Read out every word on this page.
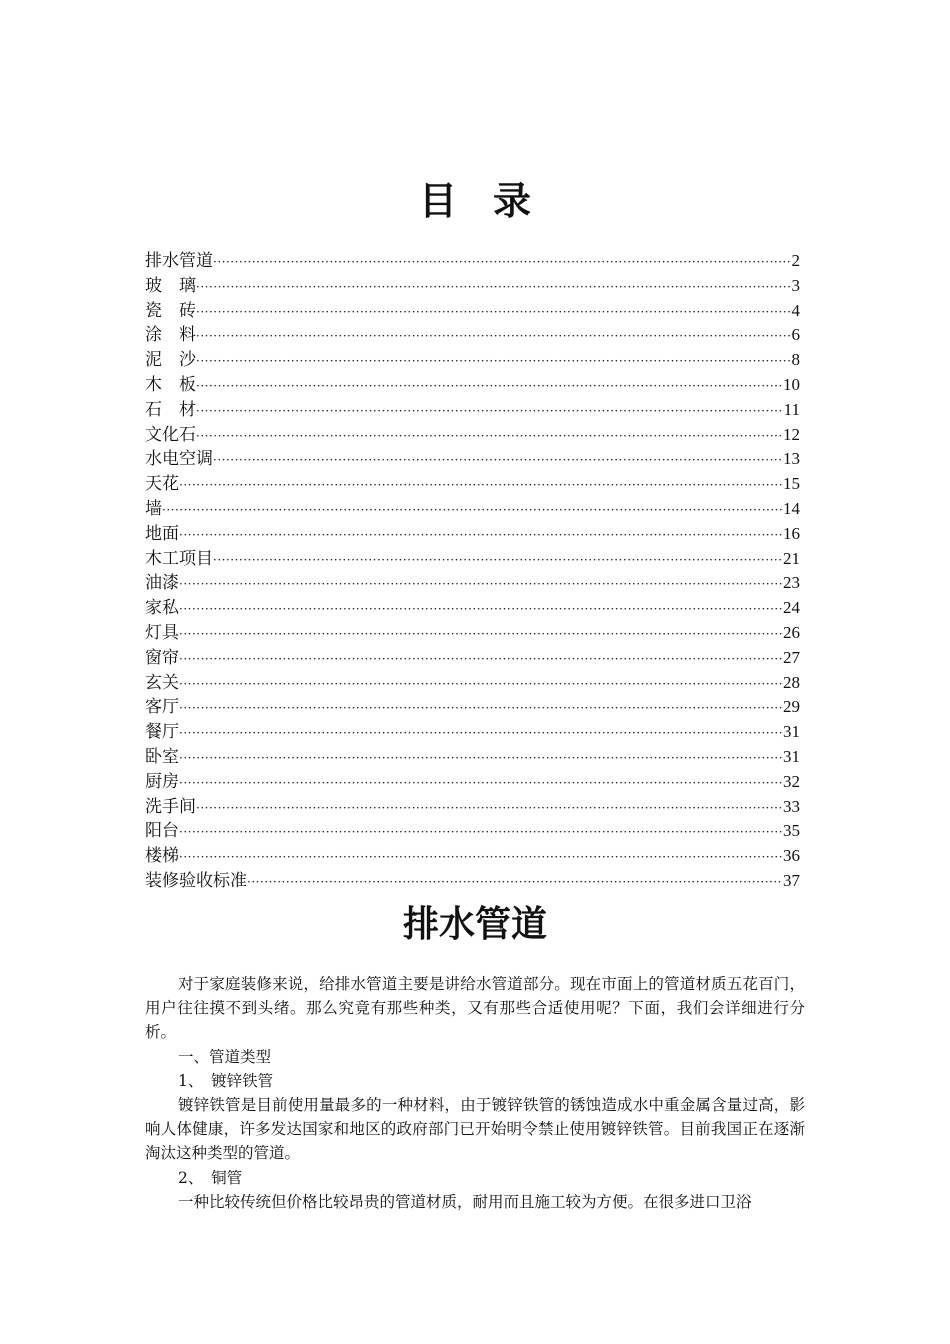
目 录
排水管道 ·····	2
玻　璃 ·····	3
瓷　砖 ·····	4
涂　料 ·····	6
泥　沙 ·····	8
木　板 ·····	10
石　材 ·····	11
文化石 ·····	12
水电空调 ·····	13
天花 ·····	15
墙 ·····	14
地面 ·····	16
木工项目 ·····	21
油漆 ·····	23
家私 ·····	24
灯具 ·····	26
窗帘 ·····	27
玄关 ·····	28
客厅 ·····	29
餐厅 ·····	31
卧室 ·····	31
厨房 ·····	32
洗手间 ·····	33
阳台 ·····	35
楼梯 ·····	36
装修验收标准 ·····	37
排水管道

对于家庭装修来说，给排水管道主要是讲给水管道部分。现在市面上的管道材质五花百门，用户往往摸不到头绪。那么究竟有那些种类，又有那些合适使用呢？下面，我们会详细进行分析。

一、管道类型

1、　镀锌铁管

镀锌铁管是目前使用量最多的一种材料，由于镀锌铁管的锈蚀造成水中重金属含量过高，影响人体健康，许多发达国家和地区的政府部门已开始明令禁止使用镀锌铁管。目前我国正在逐渐淘汰这种类型的管道。

2、　铜管

一种比较传统但价格比较昂贵的管道材质，耐用而且施工较为方便。在很多进口卫浴
